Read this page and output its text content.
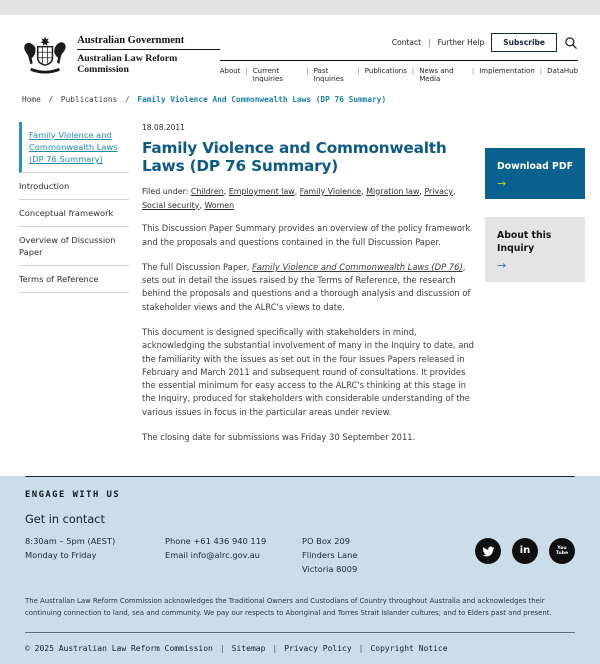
Australian Government
Australian Law Reform Commission
Contact | Further Help	Subscribe
About | Current Inquiries
| Past Inquiries
| Publications | News and Media
| Implementation | DataHub
Home / Publications / Family Violence And Commonwealth Laws (DP 76 Summary)
Family Violence and Commonwealth Laws (DP 76 Summary)
Introduction
Conceptual framework
Overview of Discussion Paper
Terms of Reference
18.08.2011
Family Violence and Commonwealth Laws (DP 76 Summary)
Filed under: Children, Employment law, Family Violence, Migration law, Privacy, Social security, Women

This Discussion Paper Summary provides an overview of the policy framework and the proposals and questions contained in the full Discussion Paper.

The full Discussion Paper, Family Violence and Commonwealth Laws (DP 76), sets out in detail the issues raised by the Terms of Reference, the research behind the proposals and questions and a thorough analysis and discussion of stakeholder views and the ALRC's views to date.

This document is designed specifically with stakeholders in mind, acknowledging the substantial involvement of many in the Inquiry to date, and the familiarity with the issues as set out in the four Issues Papers released in February and March 2011 and subsequent round of consultations. It provides the essential minimum for easy access to the ALRC's thinking at this stage in the Inquiry, produced for stakeholders with considerable understanding of the various issues in focus in the particular areas under review.

The closing date for submissions was Friday 30 September 2011.

Download PDF
→
About this Inquiry
→
ENGAGE WITH US
Get in contact
8:30am – 5pm (AEST)
Monday to Friday
Phone +61 436 940 119
Email info@alrc.gov.au
PO Box 209
Flinders Lane
Victoria 8009
in	You
Tube

The Australian Law Reform Commission acknowledges the Traditional Owners and Custodians of Country throughout Australia and acknowledges their continuing connection to land, sea and community. We pay our respects to Aboriginal and Torres Strait Islander cultures; and to Elders past and present.

© 2025 Australian Law Reform Commission | Sitemap | Privacy Policy | Copyright Notice
